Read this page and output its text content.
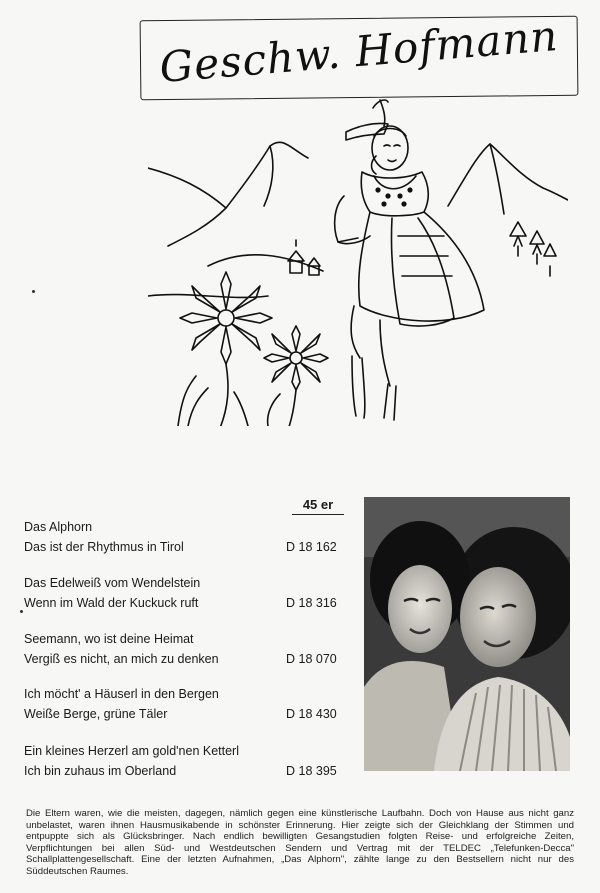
Geschw. Hofmann
45 er
Das Alphorn
Das ist der Rhythmus in Tirol	D 18 162
Das Edelweiß vom Wendelstein
Wenn im Wald der Kuckuck ruft	D 18 316
Seemann, wo ist deine Heimat
Vergiß es nicht, an mich zu denken	D 18 070
Ich möcht' a Häuserl in den Bergen
Weiße Berge, grüne Täler	D 18 430
Ein kleines Herzerl am gold'nen Ketterl
Ich bin zuhaus im Oberland	D 18 395
Die Eltern waren, wie die meisten, dagegen, nämlich gegen eine künstlerische Laufbahn. Doch von Hause aus nicht ganz unbelastet, waren ihnen Hausmusikabende in schönster Erinnerung. Hier zeigte sich der Gleichklang der Stimmen und entpuppte sich als Glücksbringer. Nach endlich bewilligten Gesangstudien folgten Reise- und erfolgreiche Zeiten, Verpflichtungen bei allen Süd- und Westdeutschen Sendern und Vertrag mit der TELDEC „Telefunken-Decca" Schallplattengesellschaft. Eine der letzten Aufnahmen, „Das Alphorn", zählte lange zu den Bestsellern nicht nur des Süddeutschen Raumes.
